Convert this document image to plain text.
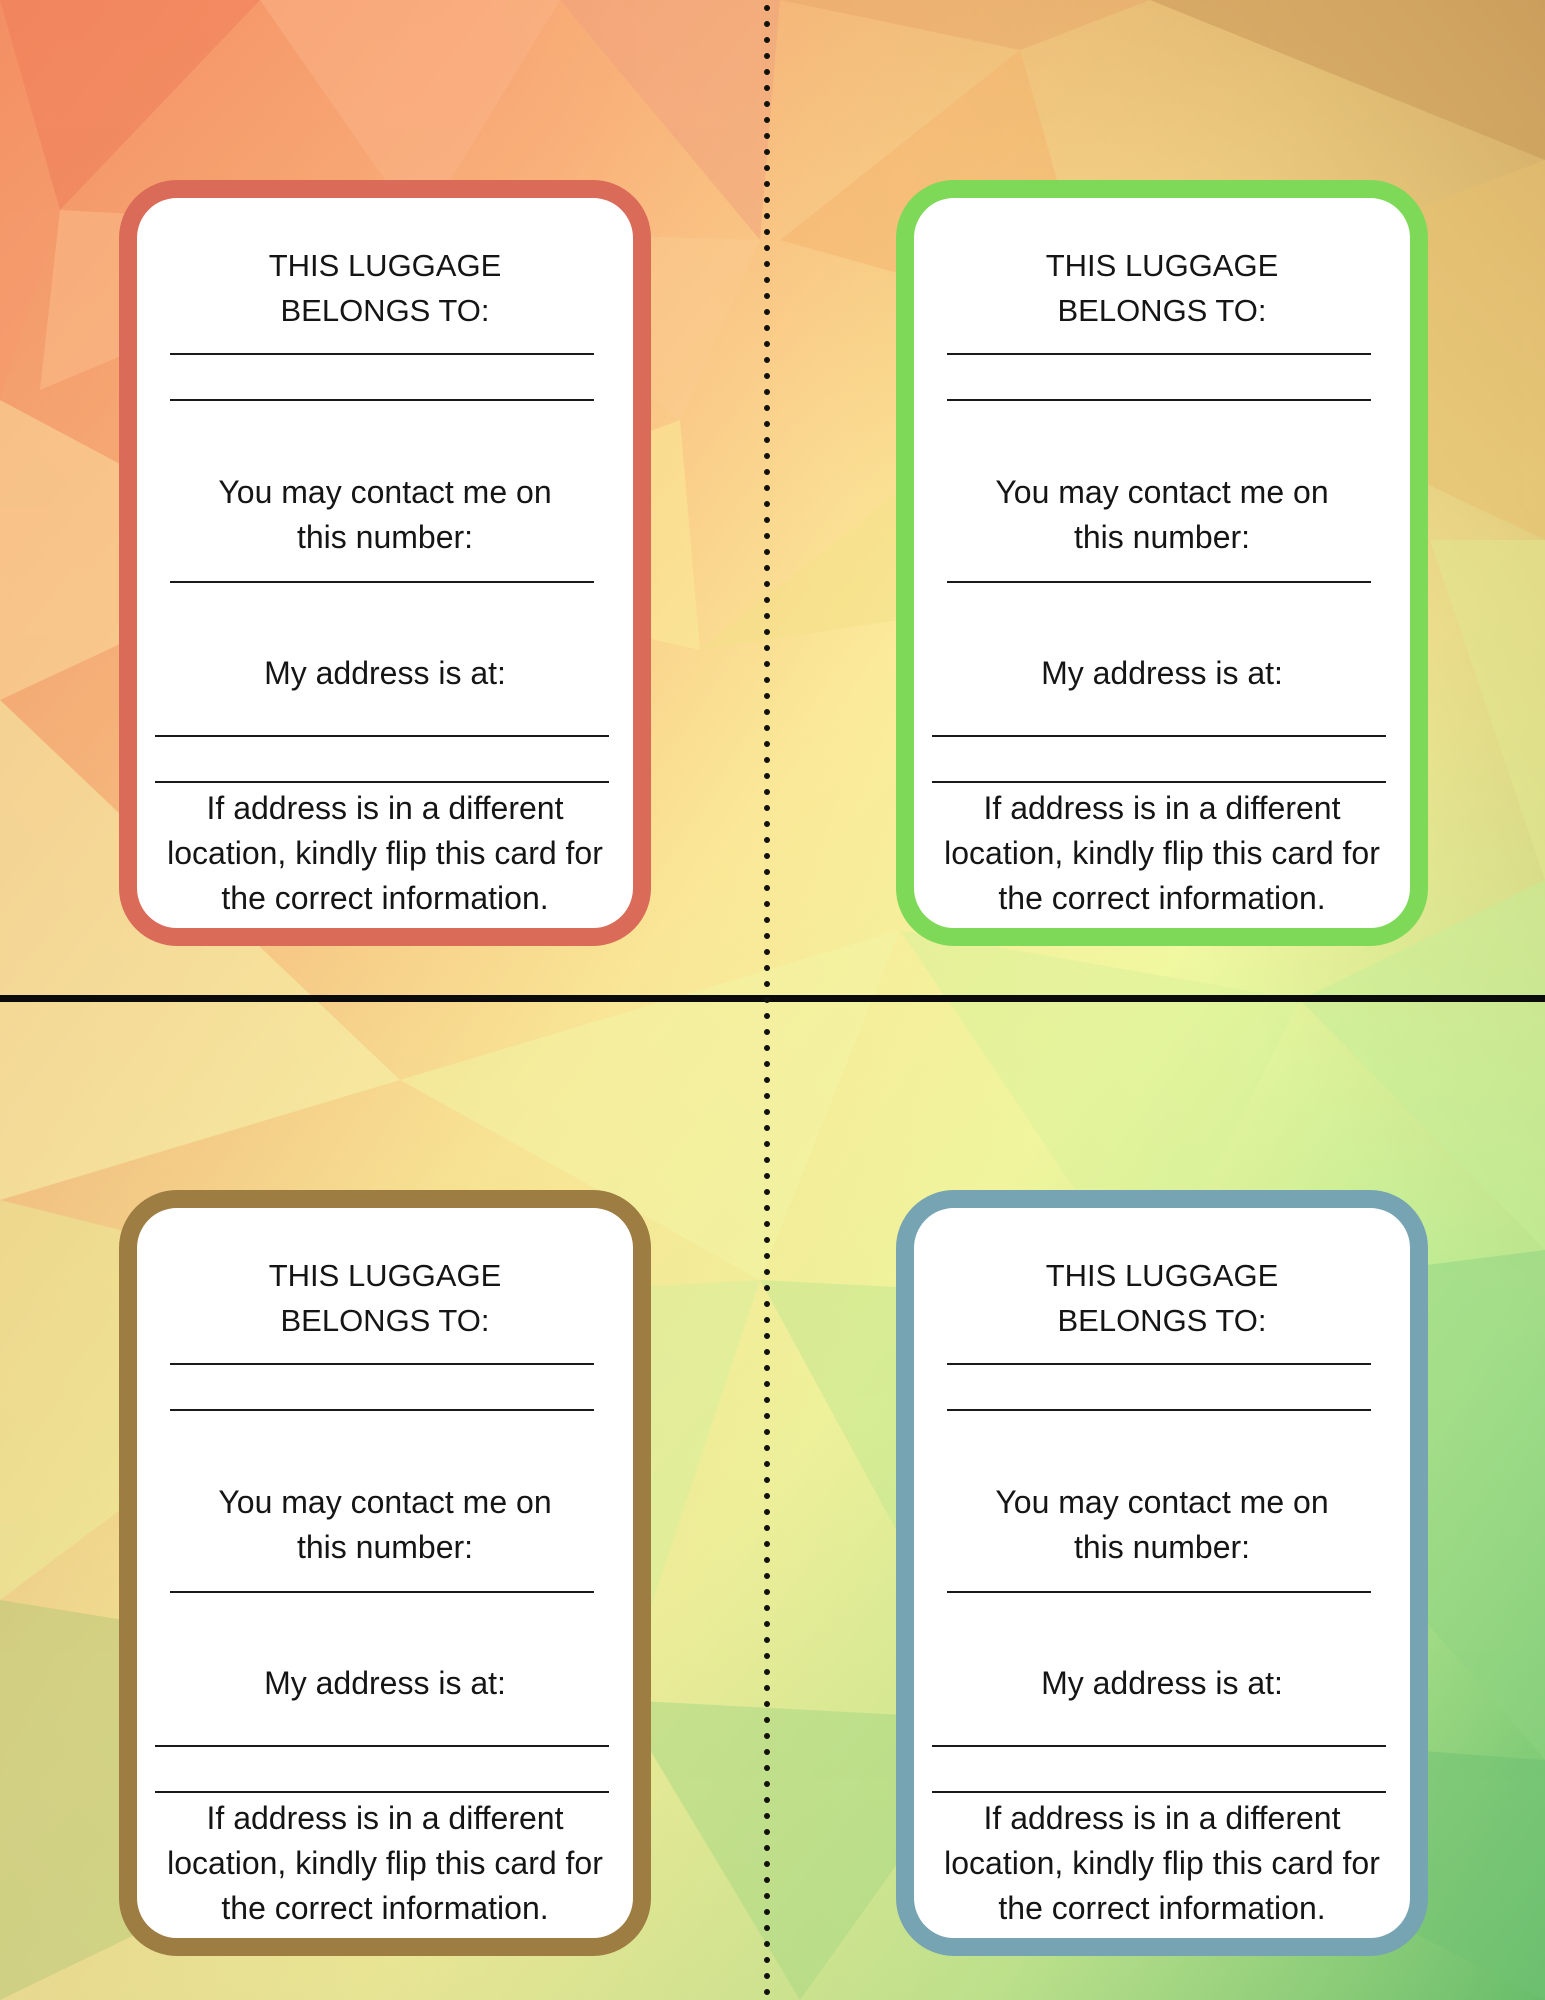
THIS LUGGAGE
BELONGS TO:

You may contact me on
this number:

My address is at:

If address is in a different
location, kindly flip this card for
the correct information.

THIS LUGGAGE
BELONGS TO:

You may contact me on
this number:

My address is at:

If address is in a different
location, kindly flip this card for
the correct information.

THIS LUGGAGE
BELONGS TO:

You may contact me on
this number:

My address is at:

If address is in a different
location, kindly flip this card for
the correct information.

THIS LUGGAGE
BELONGS TO:

You may contact me on
this number:

My address is at:

If address is in a different
location, kindly flip this card for
the correct information.
